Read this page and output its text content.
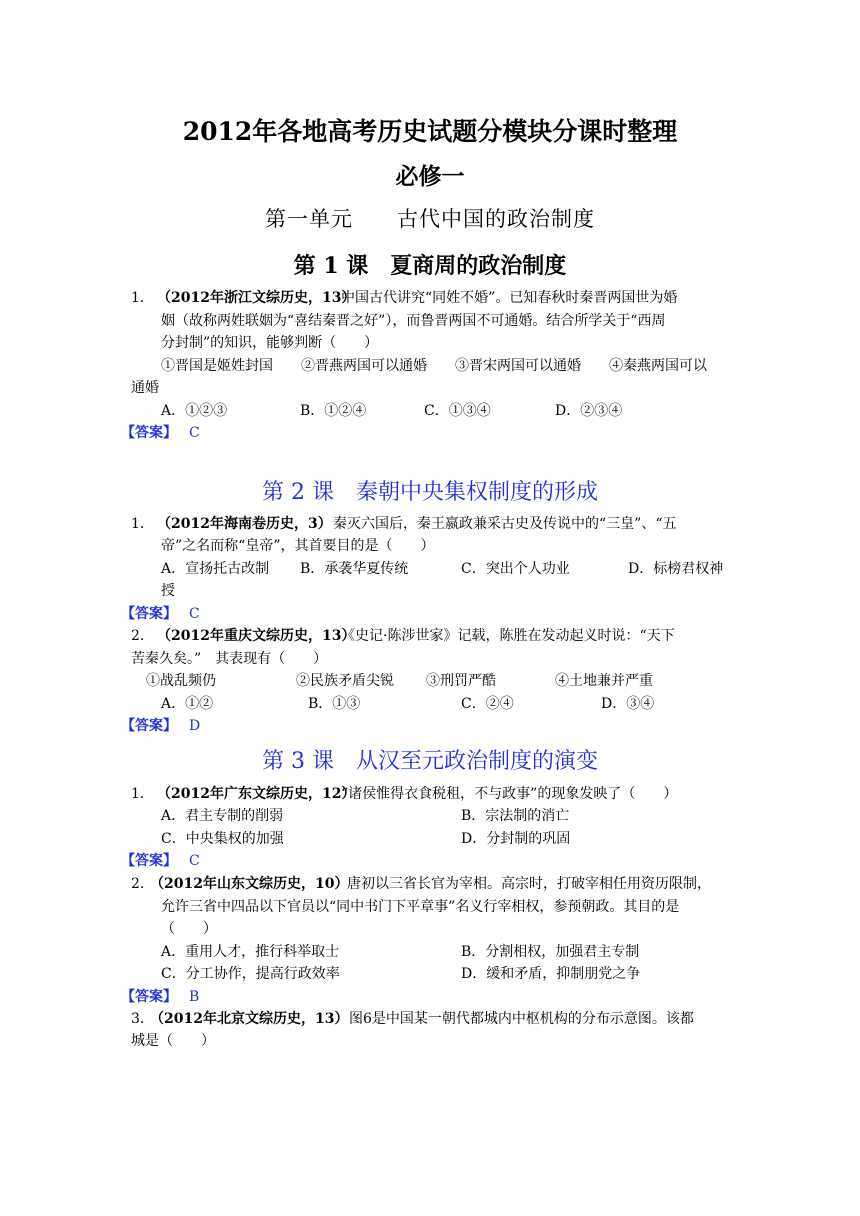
2012年各地高考历史试题分模块分课时整理
必修一
第一单元　　古代中国的政治制度
第 1 课　夏商周的政治制度
1． （2012年浙江文综历史，13）
中国古代讲究“同姓不婚”。已知春秋时秦晋两国世为婚
姻（故称两姓联姻为“喜结秦晋之好”），而鲁晋两国不可通婚。结合所学关于“西周
分封制”的知识，能够判断（　　）
①晋国是姬姓封国　　②晋燕两国可以通婚　　③晋宋两国可以通婚　　④秦燕两国可以
通婚
A．①②③	B．①②④	C．①③④	D．②③④
【答案】 C
第 2 课　秦朝中央集权制度的形成
1． （2012年海南卷历史，3） 秦灭六国后，秦王嬴政兼采古史及传说中的“三皇”、“五
帝”之名而称“皇帝”，其首要目的是（　　）
A．宣扬托古改制 B．承袭华夏传统	C．突出个人功业	D．标榜君权神
授
【答案】 C
2． （2012年重庆文综历史，13）
《史记·陈涉世家》记载，陈胜在发动起义时说：“天下
苦秦久矣。”　其表现有（　　）
①战乱频仍	②民族矛盾尖锐 ③刑罚严酷	④土地兼并严重
A．①②	B．①③	C．②④	D．③④
【答案】 D
第 3 课　从汉至元政治制度的演变
1． （2012年广东文综历史，12）
“诸侯惟得衣食税租，不与政事”的现象发映了（　　）
A．君主专制的削弱	B．宗法制的消亡
C．中央集权的加强	D．分封制的巩固
【答案】 C
2．
（2012年山东文综历史，10）
唐初以三省长官为宰相。高宗时，打破宰相任用资历限制，
允许三省中四品以下官员以“同中书门下平章事”名义行宰相权，参预朝政。其目的是
（　　）
A．重用人才，推行科举取士	B．分割相权，加强君主专制
C．分工协作，提高行政效率	D．缓和矛盾，抑制朋党之争
【答案】 B
3．
（2012年北京文综历史，13） 图6是中国某一朝代都城内中枢机构的分布示意图。该都
城是（　　）
